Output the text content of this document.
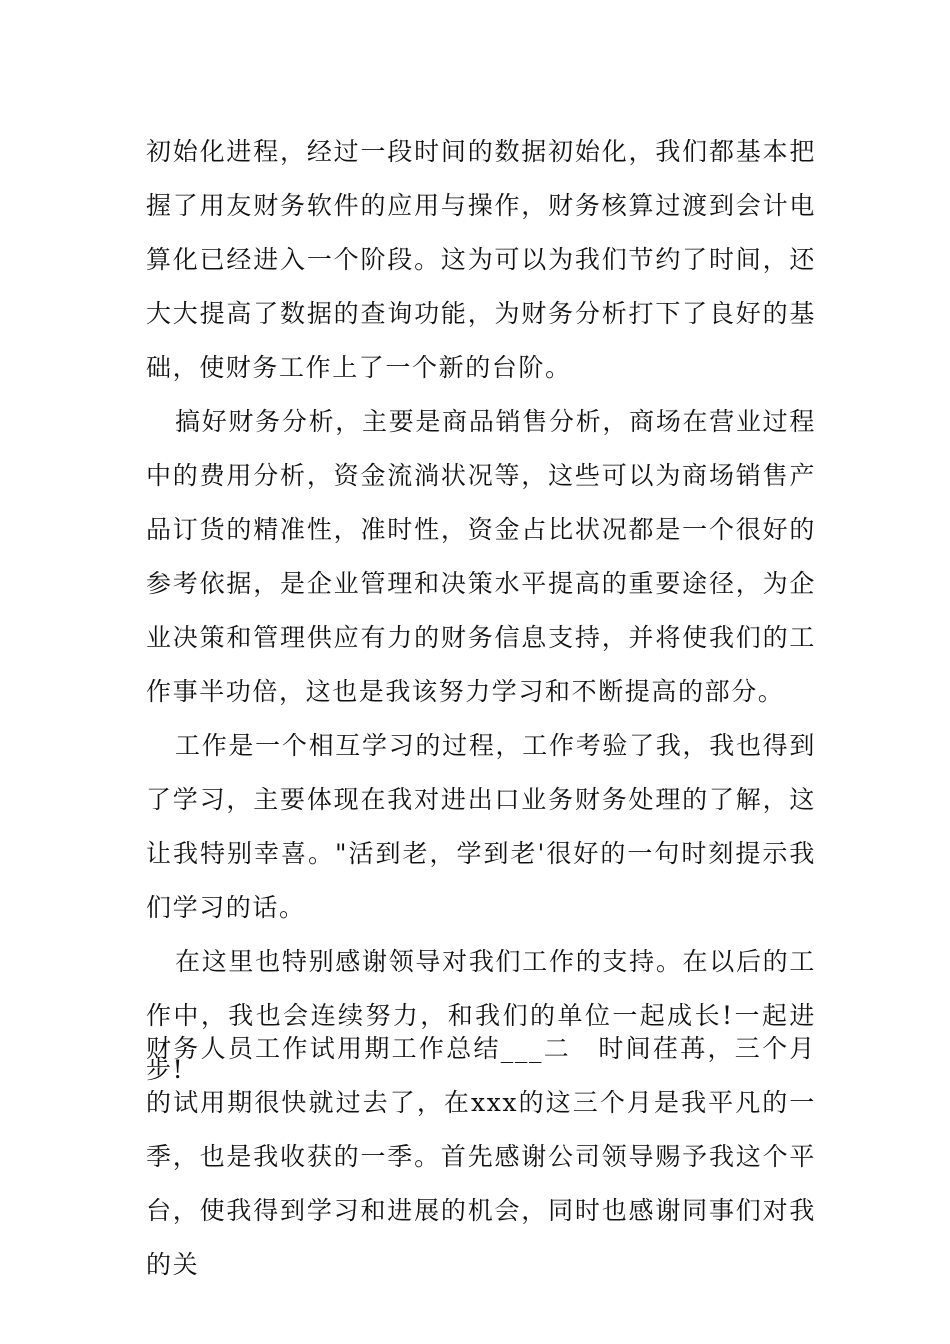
初始化进程，经过一段时间的数据初始化，我们都基本把握了用友财务软件的应用与操作，财务核算过渡到会计电算化已经进入一个阶段。这为可以为我们节约了时间，还大大提高了数据的查询功能，为财务分析打下了良好的基础，使财务工作上了一个新的台阶。

搞好财务分析，主要是商品销售分析，商场在营业过程中的费用分析，资金流淌状况等，这些可以为商场销售产品订货的精准性，准时性，资金占比状况都是一个很好的参考依据，是企业管理和决策水平提高的重要途径，为企业决策和管理供应有力的财务信息支持，并将使我们的工作事半功倍，这也是我该努力学习和不断提高的部分。

工作是一个相互学习的过程，工作考验了我，我也得到了学习，主要体现在我对进出口业务财务处理的了解，这让我特别幸喜。"活到老，学到老'很好的一句时刻提示我们学习的话。

在这里也特别感谢领导对我们工作的支持。在以后的工作中，我也会连续努力，和我们的单位一起成长!一起进步!

财务人员工作试用期工作总结___二　时间荏苒，三个月的试用期很快就过去了，在xxx的这三个月是我平凡的一季，也是我收获的一季。首先感谢公司领导赐予我这个平台，使我得到学习和进展的机会，同时也感谢同事们对我的关
